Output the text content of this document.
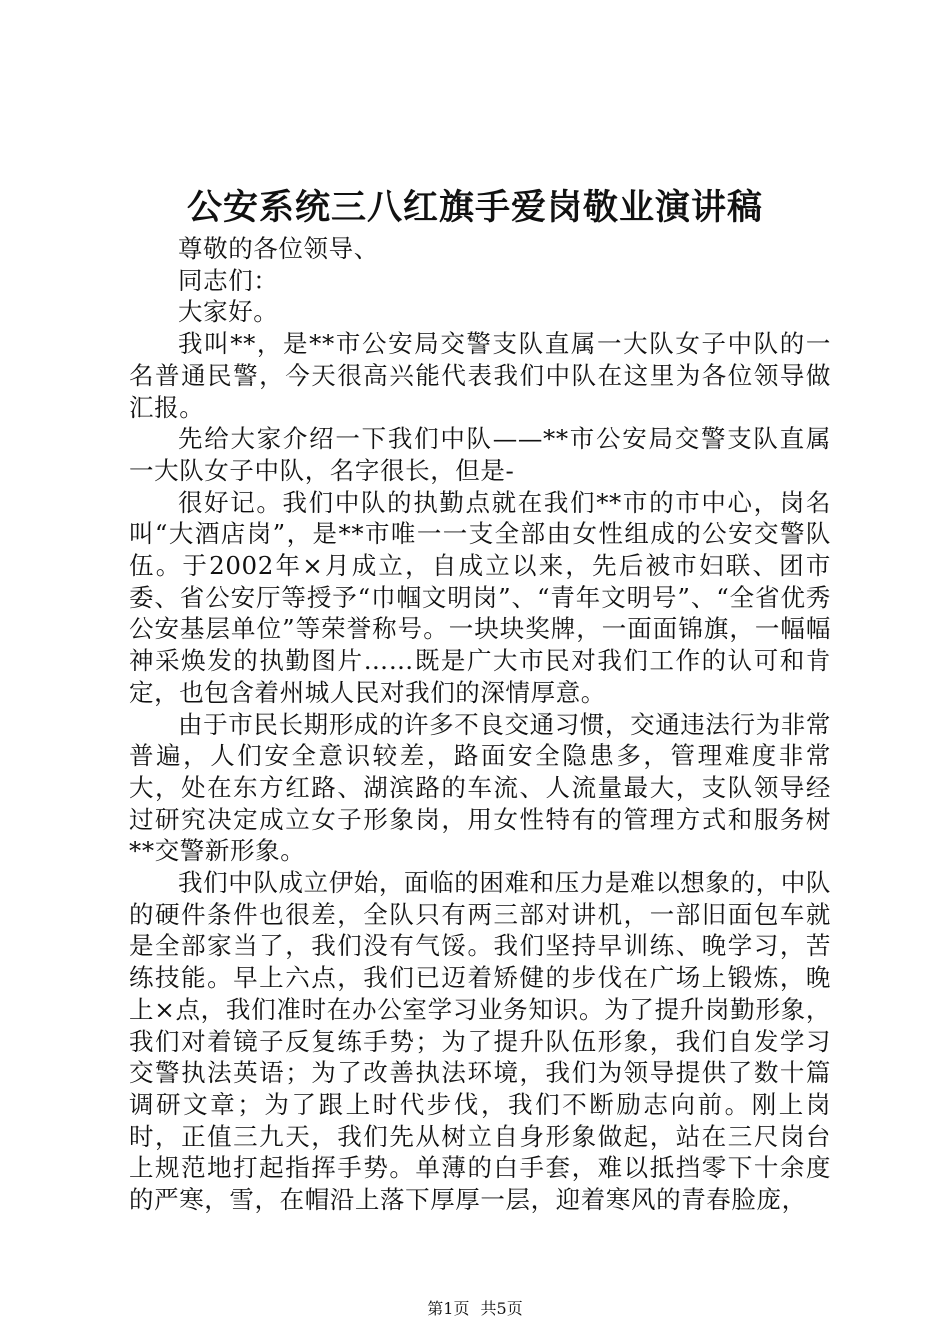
公安系统三八红旗手爱岗敬业演讲稿

尊敬的各位领导、

同志们：

大家好。

我叫**，是**市公安局交警支队直属一大队女子中队的一名普通民警，今天很高兴能代表我们中队在这里为各位领导做汇报。

先给大家介绍一下我们中队——**市公安局交警支队直属一大队女子中队，名字很长，但是-

很好记。我们中队的执勤点就在我们**市的市中心，岗名叫“大酒店岗”，是**市唯一一支全部由女性组成的公安交警队伍。于2002年×月成立，自成立以来，先后被市妇联、团市委、省公安厅等授予“巾帼文明岗”、“青年文明号”、“全省优秀公安基层单位”等荣誉称号。一块块奖牌，一面面锦旗，一幅幅神采焕发的执勤图片……既是广大市民对我们工作的认可和肯定，也包含着州城人民对我们的深情厚意。

由于市民长期形成的许多不良交通习惯，交通违法行为非常普遍，人们安全意识较差，路面安全隐患多，管理难度非常大，处在东方红路、湖滨路的车流、人流量最大，支队领导经过研究决定成立女子形象岗，用女性特有的管理方式和服务树**交警新形象。

我们中队成立伊始，面临的困难和压力是难以想象的，中队的硬件条件也很差，全队只有两三部对讲机，一部旧面包车就是全部家当了，我们没有气馁。我们坚持早训练、晚学习，苦练技能。早上六点，我们已迈着矫健的步伐在广场上锻炼，晚上×点，我们准时在办公室学习业务知识。为了提升岗勤形象，我们对着镜子反复练手势；为了提升队伍形象，我们自发学习交警执法英语；为了改善执法环境，我们为领导提供了数十篇调研文章；为了跟上时代步伐，我们不断励志向前。刚上岗时，正值三九天，我们先从树立自身形象做起，站在三尺岗台上规范地打起指挥手势。单薄的白手套，难以抵挡零下十余度的严寒，雪，在帽沿上落下厚厚一层，迎着寒风的青春脸庞，

第1页 共5页
